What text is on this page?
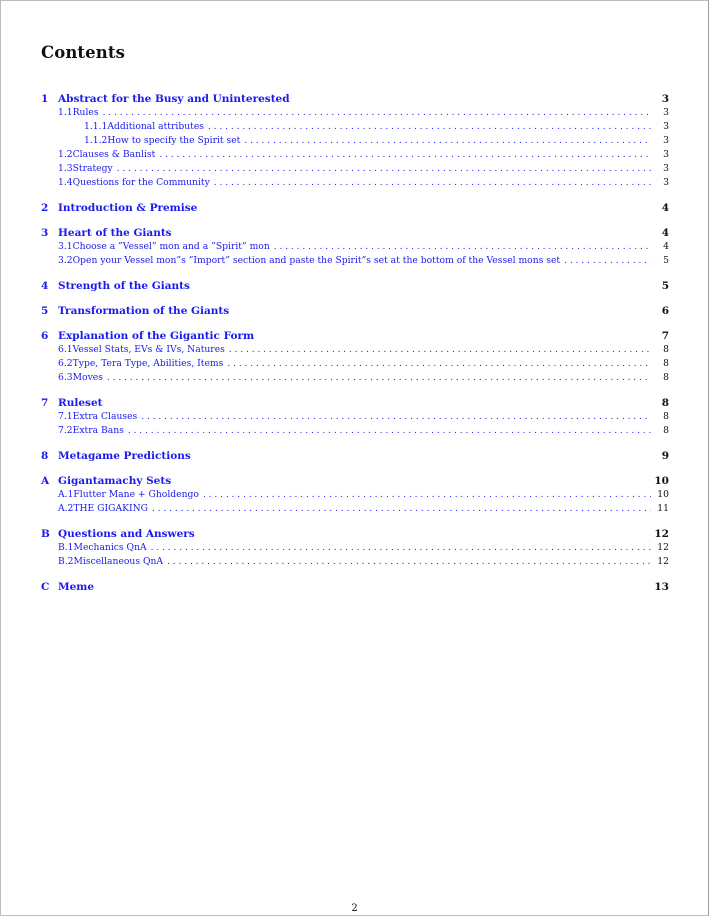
Contents
1 Abstract for the Busy and Uninterested	3
1.1 Rules . . .	3
1.1.1 Additional attributes . . .	3
1.1.2 How to specify the Spirit set . . .	3
1.2 Clauses & Banlist . . .	3
1.3 Strategy . . .	3
1.4 Questions for the Community . . .	3
2 Introduction & Premise	4
3 Heart of the Giants	4
3.1 Choose a ”Vessel” mon and a ”Spirit” mon . . .	4
3.2 Open your Vessel mon”s ”Import” section and paste the Spirit”s set at the bottom of the Vessel mons set . . .	5
4 Strength of the Giants	5
5 Transformation of the Giants	6
6 Explanation of the Gigantic Form	7
6.1 Vessel Stats, EVs & IVs, Natures . . .	8
6.2 Type, Tera Type, Abilities, Items . . .	8
6.3 Moves . . .	8
7 Ruleset	8
7.1 Extra Clauses . . .	8
7.2 Extra Bans . . .	8
8 Metagame Predictions	9
A Gigantamachy Sets	10
A.1 Flutter Mane + Gholdengo . . .	10
A.2 THE GIGAKING . . .	11
B Questions and Answers	12
B.1 Mechanics QnA . . .	12
B.2 Miscellaneous QnA . . .	12
C Meme	13
2
